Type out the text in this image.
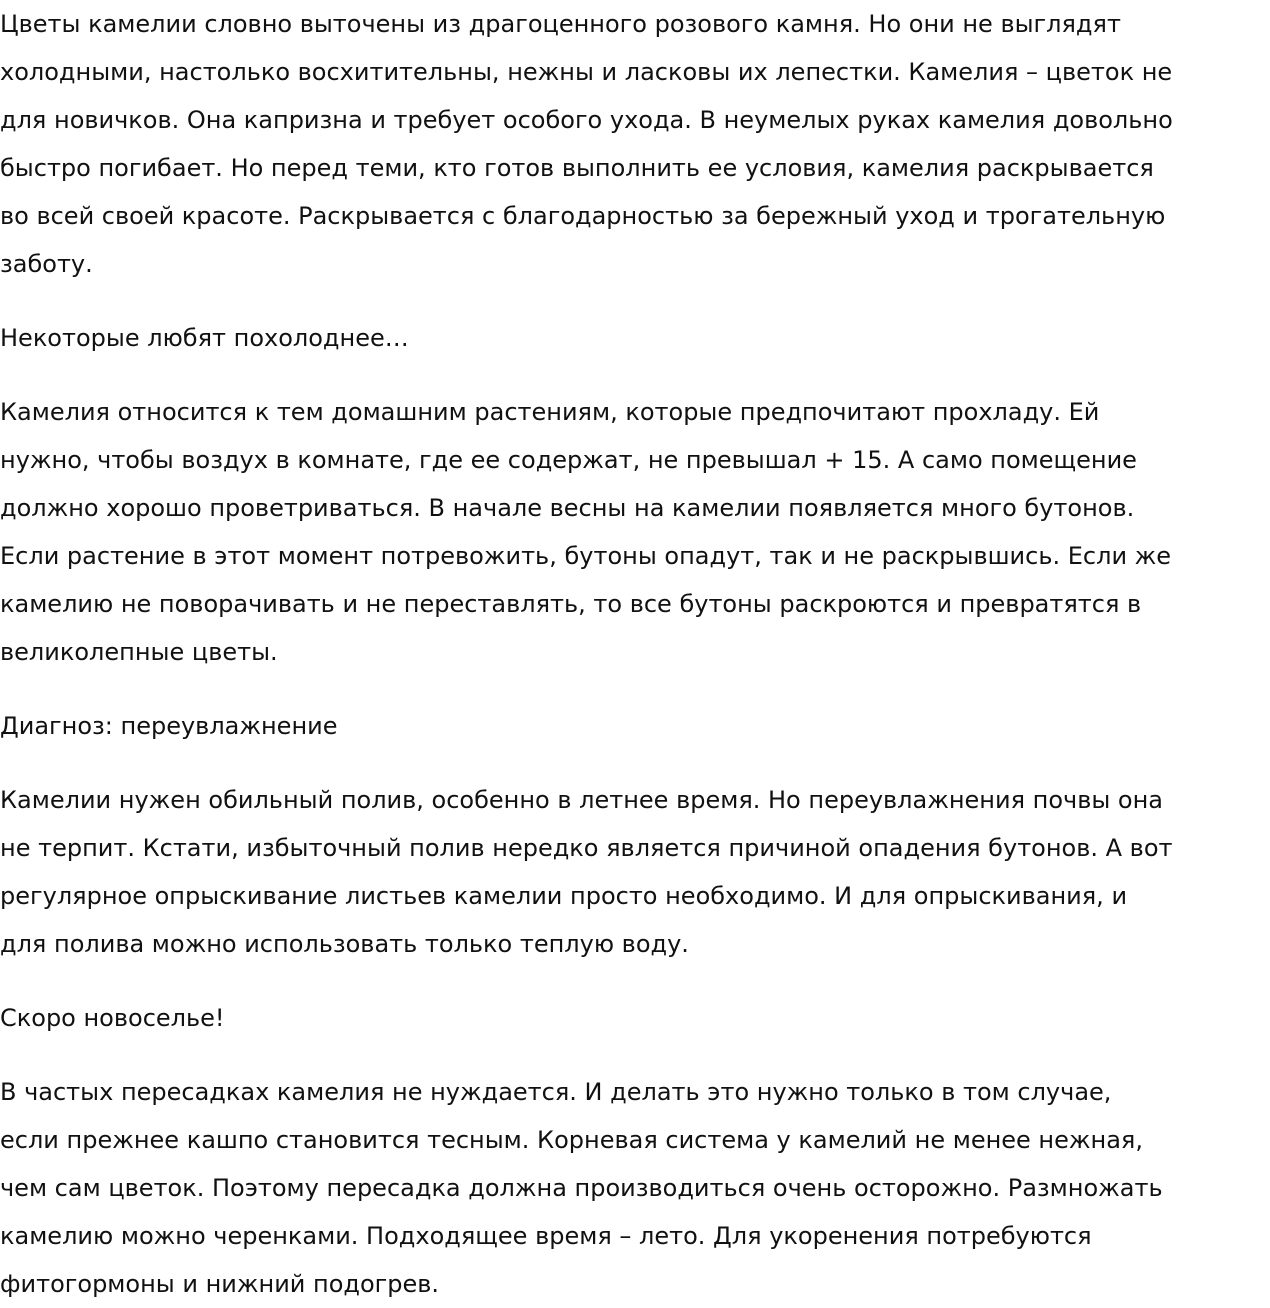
Цветы камелии словно выточены из драгоценного розового камня. Но они не выглядят
холодными, настолько восхитительны, нежны и ласковы их лепестки. Камелия – цветок не
для новичков. Она капризна и требует особого ухода. В неумелых руках камелия довольно
быстро погибает. Но перед теми, кто готов выполнить ее условия, камелия раскрывается
во всей своей красоте. Раскрывается с благодарностью за бережный уход и трогательную
заботу.

Некоторые любят похолоднее…

Камелия относится к тем домашним растениям, которые предпочитают прохладу. Ей
нужно, чтобы воздух в комнате, где ее содержат, не превышал + 15. А само помещение
должно хорошо проветриваться. В начале весны на камелии появляется много бутонов.
Если растение в этот момент потревожить, бутоны опадут, так и не раскрывшись. Если же
камелию не поворачивать и не переставлять, то все бутоны раскроются и превратятся в
великолепные цветы.

Диагноз: переувлажнение

Камелии нужен обильный полив, особенно в летнее время. Но переувлажнения почвы она
не терпит. Кстати, избыточный полив нередко является причиной опадения бутонов. А вот
регулярное опрыскивание листьев камелии просто необходимо. И для опрыскивания, и
для полива можно использовать только теплую воду.

Скоро новоселье!

В частых пересадках камелия не нуждается. И делать это нужно только в том случае,
если прежнее кашпо становится тесным. Корневая система у камелий не менее нежная,
чем сам цветок. Поэтому пересадка должна производиться очень осторожно. Размножать
камелию можно черенками. Подходящее время – лето. Для укоренения потребуются
фитогормоны и нижний подогрев.
